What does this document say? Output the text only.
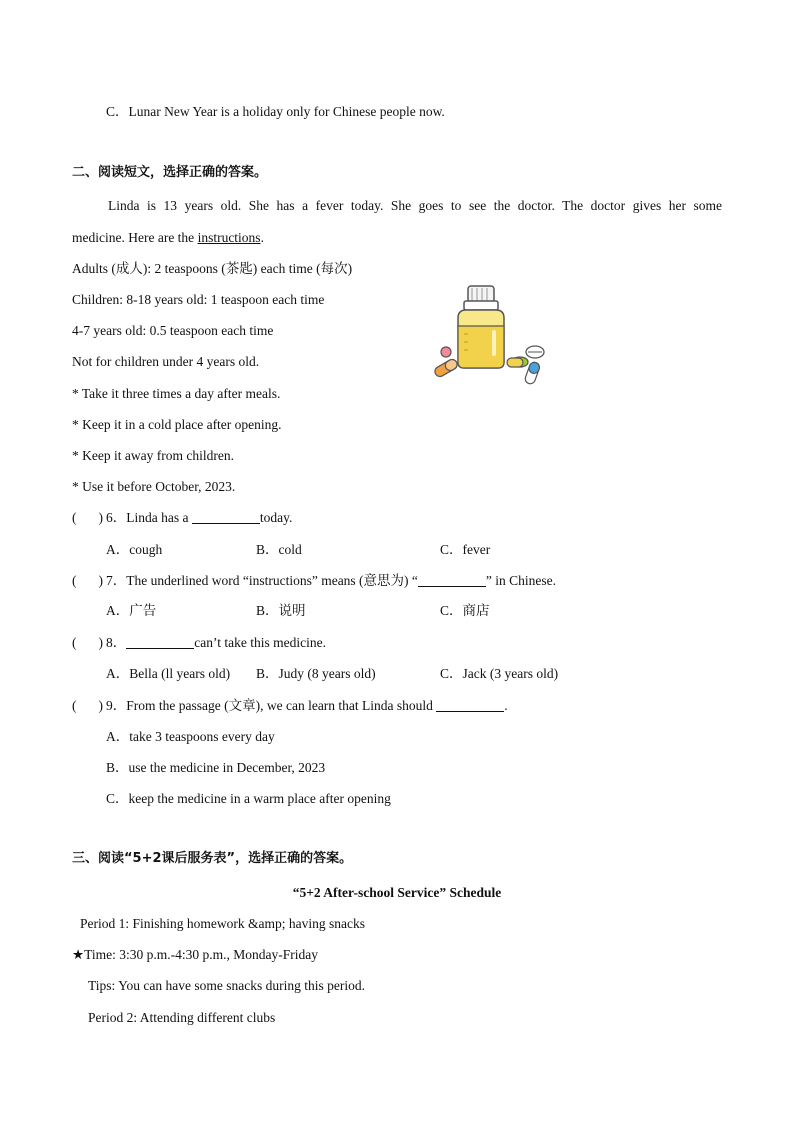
C．Lunar New Year is a holiday only for Chinese people now.
二、阅读短文，选择正确的答案。
Linda is 13 years old. She has a fever today. She goes to see the doctor. The doctor gives her some
medicine. Here are the instructions.
Adults (成人): 2 teaspoons (茶匙) each time (每次)
Children: 8-18 years old: 1 teaspoon each time
4-7 years old: 0.5 teaspoon each time
Not for children under 4 years old.
* Take it three times a day after meals.
* Keep it in a cold place after opening.
* Keep it away from children.
* Use it before October, 2023.
( ) 6．Linda has a	today.
A．cough	B．cold	C．fever
( ) 7．The underlined word “instructions” means (意思为) “	” in Chinese.
A．广告	B．说明	C．商店
( ) 8．	can’t take this medicine.
A．Bella (ll years old) B．Judy (8 years old)	C．Jack (3 years old)
( ) 9．From the passage (文章), we can learn that Linda should	.
A．take 3 teaspoons every day
B．use the medicine in December, 2023
C．keep the medicine in a warm place after opening
三、阅读“5+2课后服务表”，选择正确的答案。
“5+2 After-school Service” Schedule
Period 1: Finishing homework &amp; having snacks
★Time: 3:30 p.m.-4:30 p.m., Monday-Friday
Tips: You can have some snacks during this period.
Period 2: Attending different clubs
